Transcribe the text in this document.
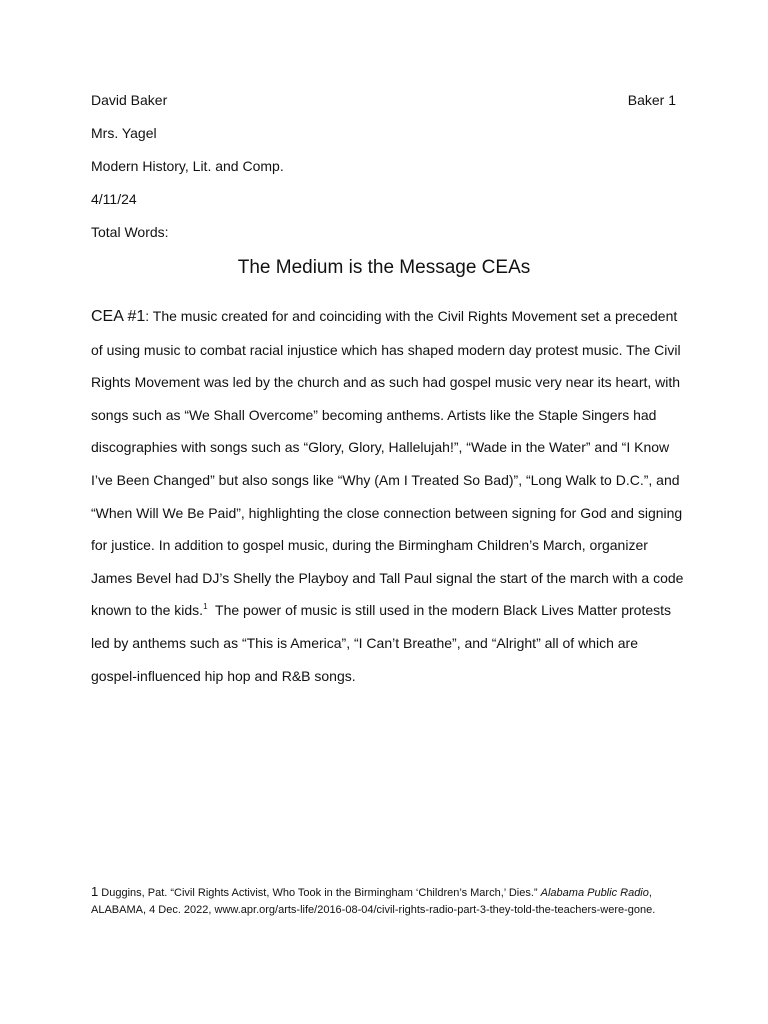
David Baker	Baker 1
Mrs. Yagel
Modern History, Lit. and Comp.
4/11/24
Total Words:
The Medium is the Message CEAs
CEA #1: The music created for and coinciding with the Civil Rights Movement set a precedent
of using music to combat racial injustice which has shaped modern day protest music. The Civil
Rights Movement was led by the church and as such had gospel music very near its heart, with
songs such as “We Shall Overcome” becoming anthems. Artists like the Staple Singers had
discographies with songs such as “Glory, Glory, Hallelujah!”, “Wade in the Water” and “I Know
I’ve Been Changed” but also songs like “Why (Am I Treated So Bad)”, “Long Walk to D.C.”, and
“When Will We Be Paid”, highlighting the close connection between signing for God and signing
for justice. In addition to gospel music, during the Birmingham Children’s March, organizer
James Bevel had DJ’s Shelly the Playboy and Tall Paul signal the start of the march with a code
known to the kids.$^1$  The power of music is still used in the modern Black Lives Matter protests
led by anthems such as “This is America”, “I Can’t Breathe”, and “Alright” all of which are
gospel-influenced hip hop and R&B songs.
1 Duggins, Pat. “Civil Rights Activist, Who Took in the Birmingham ‘Children’s March,’ Dies.” Alabama Public Radio,
ALABAMA, 4 Dec. 2022, www.apr.org/arts-life/2016-08-04/civil-rights-radio-part-3-they-told-the-teachers-were-gone.
